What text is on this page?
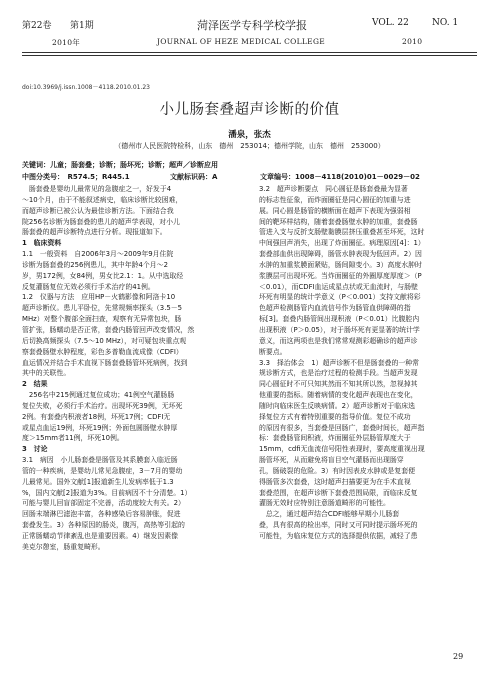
第22卷 第1期	菏泽医学专科学校学报	VOL. 22	NO. 1
2010年	JOURNAL OF HEZE MEDICAL COLLEGE	2010
doi:10.3969/j.issn.1008－4118.2010.01.23
小儿肠套叠超声诊断的价值
潘泉，张杰
（德州市人民医院特检科，山东　德州　253014；德州学院，山东　德州　253000）
关键词：儿童；肠套叠；诊断；肠坏死；诊断；超声／诊断应用
中图分类号：　R574.5；R445.1	文献标识码：A	文章编号：1008－4118(2010)01－0029－02
　肠套叠是婴幼儿最常见的急腹症之一，好发于4
～10个月，由于不能叙述病史，临床诊断比较困难，
而超声诊断已被公认为最佳诊断方法。下面结合我
院256名诊断为肠套叠的患儿的超声学表现，对小儿
肠套叠的超声诊断特点进行分析。现报道如下。
1　临床资料
1.1　一般资料　自2006年3月～2009年9月住院
诊断为肠套叠的256例患儿，其中年龄4个月～2
岁，男172例，女84例，男女比2.1：1。从中选取经
反复灌肠复位无效必须行手术治疗的41例。
1.2　仪器与方法　应用HP－火鹤影像和阿洛卡10
超声诊断仪。患儿平卧位，先常规频率探头（3.5－5
MHz）对整个腹部全面扫查，观察有无异常包块，肠
管扩张，肠蠕动是否正常，套叠内肠管回声改变情况，然
后切换高频探头（7.5～10 MHz），对可疑包块重点观
察套叠肠壁水肿程度，彩色多普勒血流成像（CDFI）
血运情况并结合手术直视下肠套叠肠管坏死病例，找到
其中的关联性。
2　结果
　256名中215例通过复位成功；41例空气灌肠肠
复位失败，必须行手术治疗。出现坏死39例，无坏死
2例。有套叠内积液者18例，坏死17例；CDFI无
或星点血运19例，坏死19例；外面包圆肠壁水肿厚
度＞15mm者11例，坏死10例。
3　讨论
3.1　病因　小儿肠套叠是肠管及其系膜套入临近肠
管的一种疾病，是婴幼儿常见急腹症，3－7月的婴幼
儿最常见。国外文献[1]报道新生儿发病率低于1.3
%，国内文献[2]报道为3%。目前病因不十分清楚。1）
可能与婴儿回盲部固定不完善，活动度较大有关。2）
回肠末端淋巴滤泡丰富，各种感染后容易肿胀，促进
套叠发生。3）各种原因的肠炎，腹泻，高热等引起的
正常肠蠕动节律紊乱也是重要因素。4）继发因素像
美克尔憩室，肠重复畸形。
3.2　超声诊断要点　同心圆征是肠套叠最为显著
的标志性征象，而炸面圈征是同心圆征的加重与进
展。同心圆是肠管的横断面在超声下表现为强弱相
间的靶环样结构，随着套叠肠壁水肿的加重，套叠肠
管进入支与反折支肠壁黏膜层挤压重叠甚至坏死，这时
中间强回声消失，出现了炸面圈征。病理原因[4]：1）
套叠部血供出现障碍，肠管水肿表现为低回声。2）因
水肿的加重浆膜面紧贴，肠间隙变小。3）高度水肿时
浆膜层可出现坏死。当炸面圈征的外圈厚度厚度＞（P
＜0.01），而CDFI血运成星点状或无血流时，与肠壁
坏死有明显的统计学意义（P＜0.001）支持文献将彩
色超声检测肠管内血流信号作为肠管血供障碍的指
标[3]。套叠内肠管间出现积液（P＜0.01）比腹腔内
出现积液（P＞0.05），对于肠坏死有更显著的统计学
意义，而这两项也是我们常常观测彩超确诊的超声诊
断要点。
3.3　择治体会　1）超声诊断不但是肠套叠的一种常
规诊断方式，也是治疗过程的检测手段。当超声发现
同心圆征时不可只知其然而不知其所以然，忽视掉其
他重要的指标。随着病情的变化超声表现也在变化，
随时向临床医生反映病情。2）超声诊断对于临床选
择复位方式有着特别重要的指导价值。复位不成功
的原因有很多，当套叠是回肠广，套叠时间长，超声指
标：套叠肠管间积液，炸面圈征外层肠管厚度大于
15mm，cdfi无血流信号阳性表现时，要高度重视出现
肠管坏死，从而避免将盲目空气灌肠而出现肠穿
孔，肠破裂的危险。3）有时因表皮水肿或是复套便
得肠管多次套叠，这时超声扫描要更为在手术直视
套叠范围，在超声诊断下套叠范围局限，而临床反复
灌肠无效时应特别注意肠道畸形的可能性。
　总之，通过超声结合CDFI能够早期小儿肠套
叠，具有很高的检出率，同时又可同时提示肠坏死的
可能性，为临床复位方式的选择提供依据，减轻了患
29
